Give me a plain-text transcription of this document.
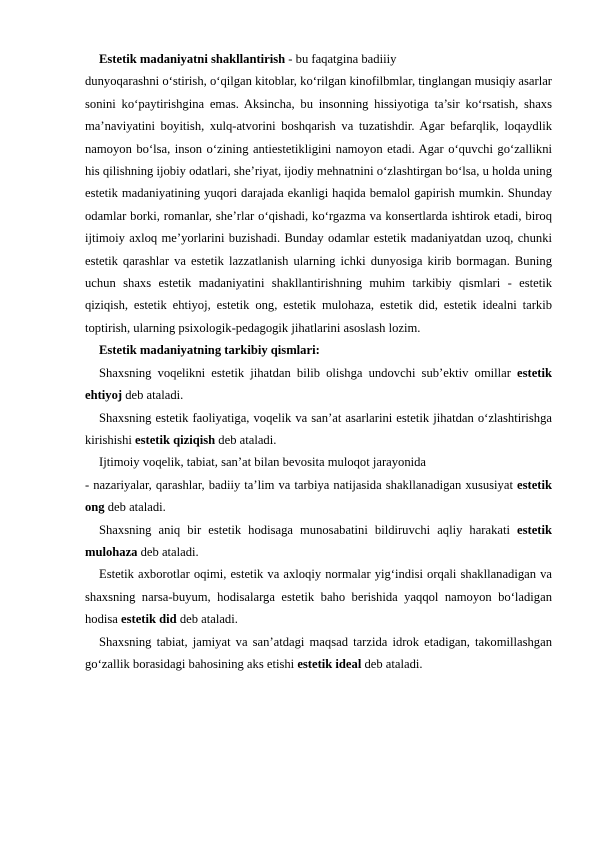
Estetik madaniyatni shakllantirish - bu faqatgina badiiiy

dunyoqarashni o‘stirish, o‘qilgan kitoblar, ko‘rilgan kinofilbmlar, tinglangan musiqiy asarlar sonini ko‘paytirishgina emas. Aksincha, bu insonning hissiyotiga ta’sir ko‘rsatish, shaxs ma’naviyatini boyitish, xulq-atvorini boshqarish va tuzatishdir. Agar befarqlik, loqaydlik namoyon bo‘lsa, inson o‘zining antiestetikligini namoyon etadi. Agar o‘quvchi go‘zallikni his qilishning ijobiy odatlari, she’riyat, ijodiy mehnatnini o‘zlashtirgan bo‘lsa, u holda uning estetik madaniyatining yuqori darajada ekanligi haqida bemalol gapirish mumkin. Shunday odamlar borki, romanlar, she’rlar o‘qishadi, ko‘rgazma va konsertlarda ishtirok etadi, biroq ijtimoiy axloq me’yorlarini buzishadi. Bunday odamlar estetik madaniyatdan uzoq, chunki estetik qarashlar va estetik lazzatlanish ularning ichki dunyosiga kirib bormagan. Buning uchun shaxs estetik madaniyatini shakllantirishning muhim tarkibiy qismlari - estetik qiziqish, estetik ehtiyoj, estetik ong, estetik mulohaza, estetik did, estetik idealni tarkib toptirish, ularning psixologik-pedagogik jihatlarini asoslash lozim.

Estetik madaniyatning tarkibiy qismlari:

Shaxsning voqelikni estetik jihatdan bilib olishga undovchi sub’ektiv omillar estetik ehtiyoj deb ataladi.

Shaxsning estetik faoliyatiga, voqelik va san’at asarlarini estetik jihatdan o‘zlashtirishga kirishishi estetik qiziqish deb ataladi.

Ijtimoiy voqelik, tabiat, san’at bilan bevosita muloqot jarayonida

- nazariyalar, qarashlar, badiiy ta’lim va tarbiya natijasida shakllanadigan xususiyat estetik ong deb ataladi.

Shaxsning aniq bir estetik hodisaga munosabatini bildiruvchi aqliy harakati estetik mulohaza deb ataladi.

Estetik axborotlar oqimi, estetik va axloqiy normalar yig‘indisi orqali shakllanadigan va shaxsning narsa-buyum, hodisalarga estetik baho berishida yaqqol namoyon bo‘ladigan hodisa estetik did deb ataladi.

Shaxsning tabiat, jamiyat va san’atdagi maqsad tarzida idrok etadigan, takomillashgan go‘zallik borasidagi bahosining aks etishi estetik ideal deb ataladi.
